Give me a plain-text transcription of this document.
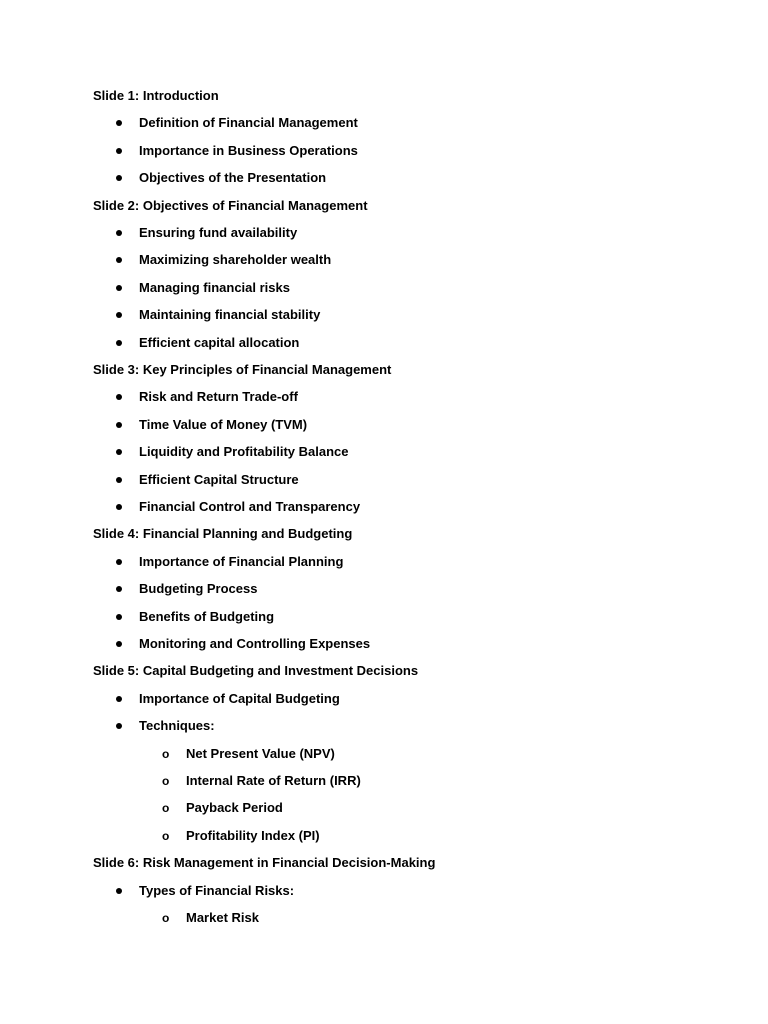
Slide 1: Introduction
Definition of Financial Management
Importance in Business Operations
Objectives of the Presentation
Slide 2: Objectives of Financial Management
Ensuring fund availability
Maximizing shareholder wealth
Managing financial risks
Maintaining financial stability
Efficient capital allocation
Slide 3: Key Principles of Financial Management
Risk and Return Trade-off
Time Value of Money (TVM)
Liquidity and Profitability Balance
Efficient Capital Structure
Financial Control and Transparency
Slide 4: Financial Planning and Budgeting
Importance of Financial Planning
Budgeting Process
Benefits of Budgeting
Monitoring and Controlling Expenses
Slide 5: Capital Budgeting and Investment Decisions
Importance of Capital Budgeting
Techniques:
Net Present Value (NPV)
o
Internal Rate of Return (IRR)
o
Payback Period
o
Profitability Index (PI)
o
Slide 6: Risk Management in Financial Decision-Making
Types of Financial Risks:
Market Risk
o
